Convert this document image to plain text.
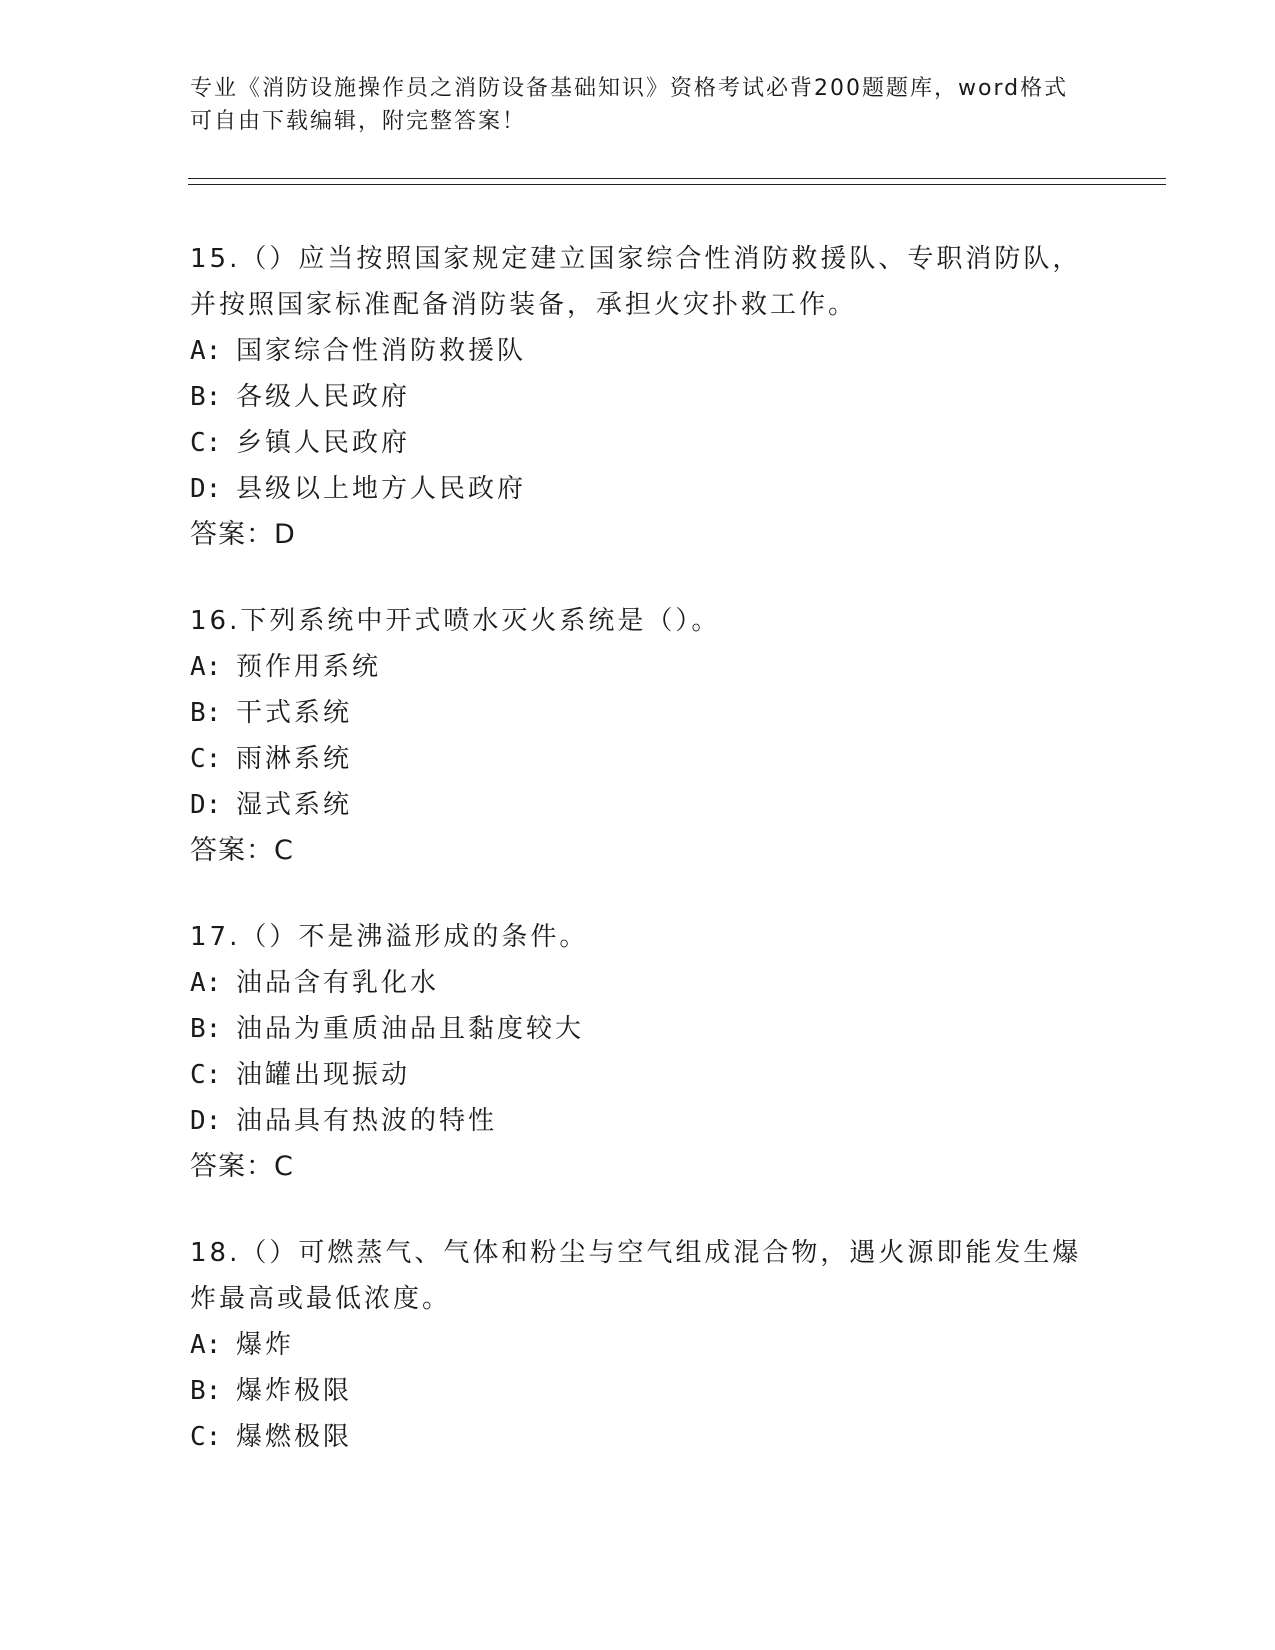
专业《消防设施操作员之消防设备基础知识》资格考试必背200题题库，word格式可自由下载编辑，附完整答案！
15.（）应当按照国家规定建立国家综合性消防救援队、专职消防队，并按照国家标准配备消防装备，承担火灾扑救工作。
A: 国家综合性消防救援队
B: 各级人民政府
C: 乡镇人民政府
D: 县级以上地方人民政府
答案：D
16.下列系统中开式喷水灭火系统是（）。
A: 预作用系统
B: 干式系统
C: 雨淋系统
D: 湿式系统
答案：C
17.（）不是沸溢形成的条件。
A: 油品含有乳化水
B: 油品为重质油品且黏度较大
C: 油罐出现振动
D: 油品具有热波的特性
答案：C
18.（）可燃蒸气、气体和粉尘与空气组成混合物，遇火源即能发生爆炸最高或最低浓度。
A: 爆炸
B: 爆炸极限
C: 爆燃极限
